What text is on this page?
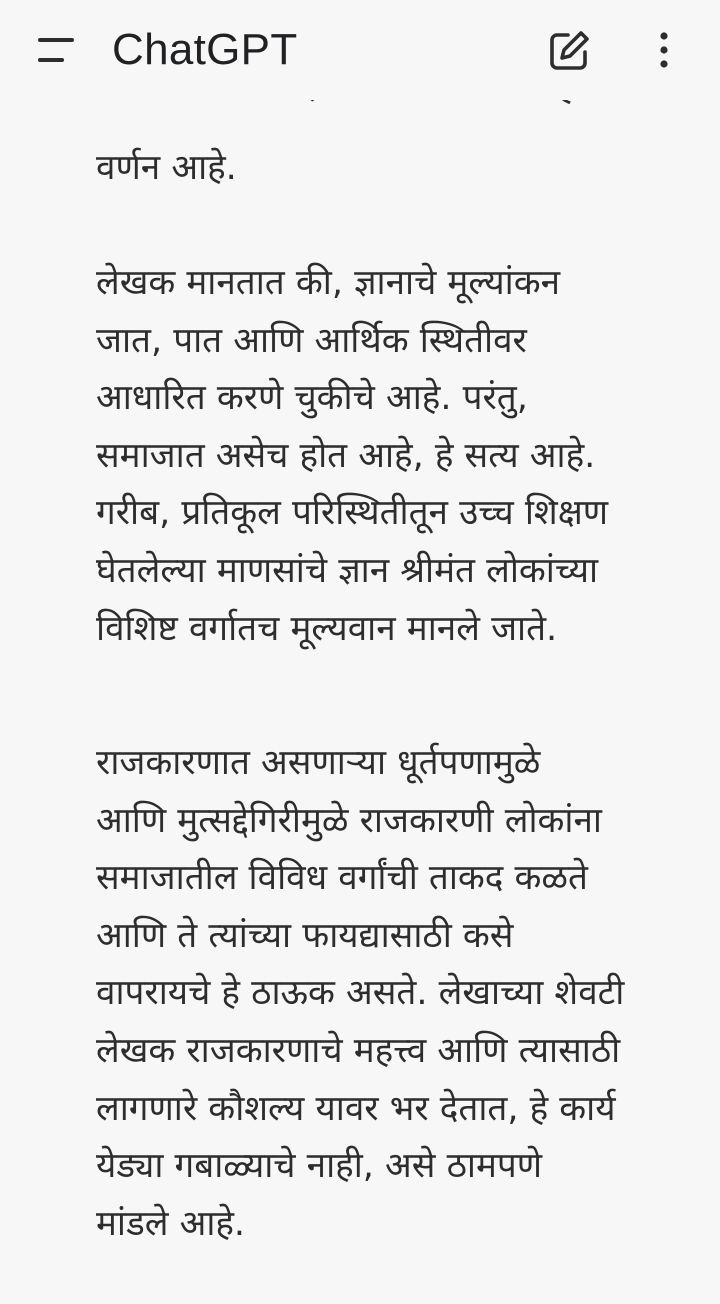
ChatGPT
वर्णन आहे.
लेखक मानतात की, ज्ञानाचे मूल्यांकन
जात, पात आणि आर्थिक स्थितीवर
आधारित करणे चुकीचे आहे. परंतु,
समाजात असेच होत आहे, हे सत्य आहे.
गरीब, प्रतिकूल परिस्थितीतून उच्च शिक्षण
घेतलेल्या माणसांचे ज्ञान श्रीमंत लोकांच्या
विशिष्ट वर्गातच मूल्यवान मानले जाते.
राजकारणात असणाऱ्या धूर्तपणामुळे
आणि मुत्सद्देगिरीमुळे राजकारणी लोकांना
समाजातील विविध वर्गांची ताकद कळते
आणि ते त्यांच्या फायद्यासाठी कसे
वापरायचे हे ठाऊक असते. लेखाच्या शेवटी
लेखक राजकारणाचे महत्त्व आणि त्यासाठी
लागणारे कौशल्य यावर भर देतात, हे कार्य
येड्या गबाळ्याचे नाही, असे ठामपणे
मांडले आहे.
